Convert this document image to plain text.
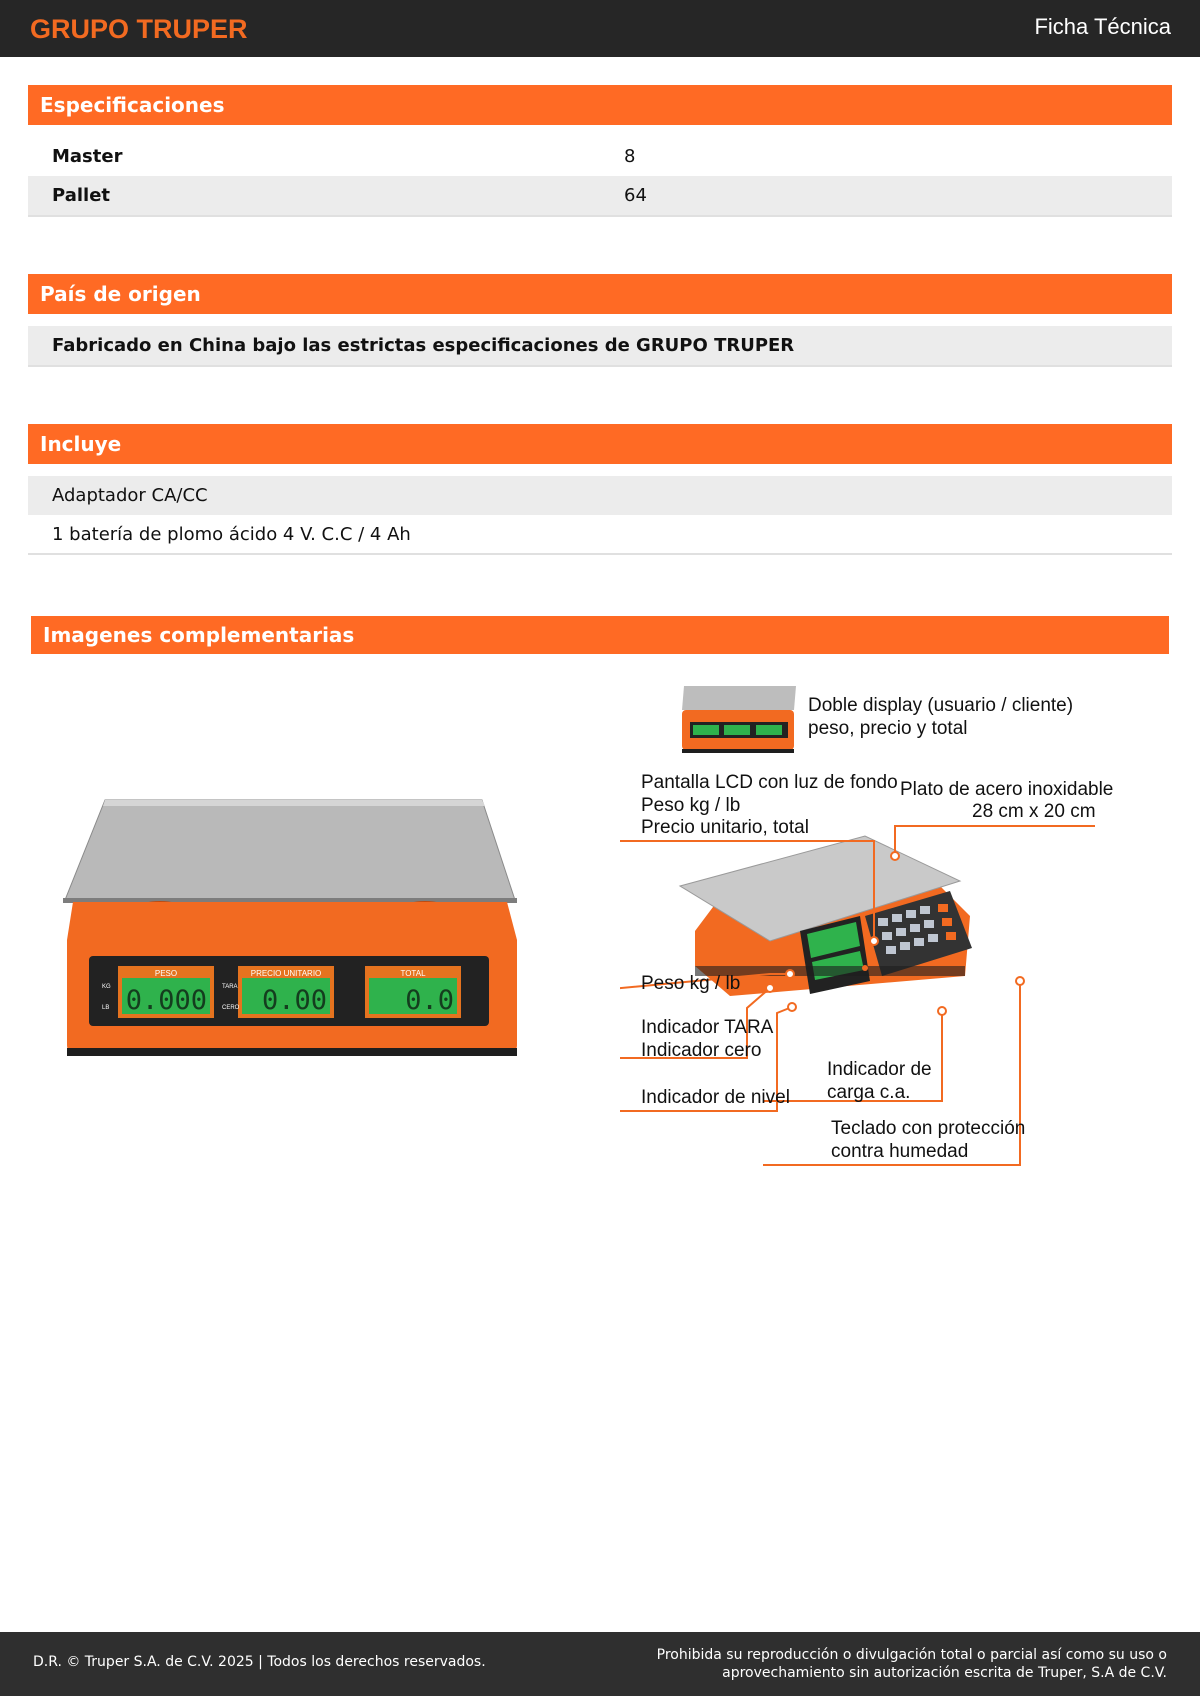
GRUPO TRUPER	Ficha Técnica
Especificaciones
Master	8
Pallet	64
País de origen
Fabricado en China bajo las estrictas especificaciones de GRUPO TRUPER
Incluye
Adaptador CA/CC
1 batería de plomo ácido 4 V. C.C / 4 Ah
Imagenes complementarias
PESO	PRECIO UNITARIO	TOTAL
0.000 0.00	0.0
KG
LB
TARA
CERO
Doble display (usuario / cliente)
peso, precio y total
Pantalla LCD con luz de fondo
Peso kg / lb
Precio unitario, total
Plato de acero inoxidable
28 cm x 20 cm
Peso kg / lb
Indicador TARA
Indicador cero
Indicador de nivel
Indicador de
carga c.a.
Teclado con protección
contra humedad
D.R. © Truper S.A. de C.V. 2025 | Todos los derechos reservados.	Prohibida su reproducción o divulgación total o parcial así como su uso o
aprovechamiento sin autorización escrita de Truper, S.A de C.V.
